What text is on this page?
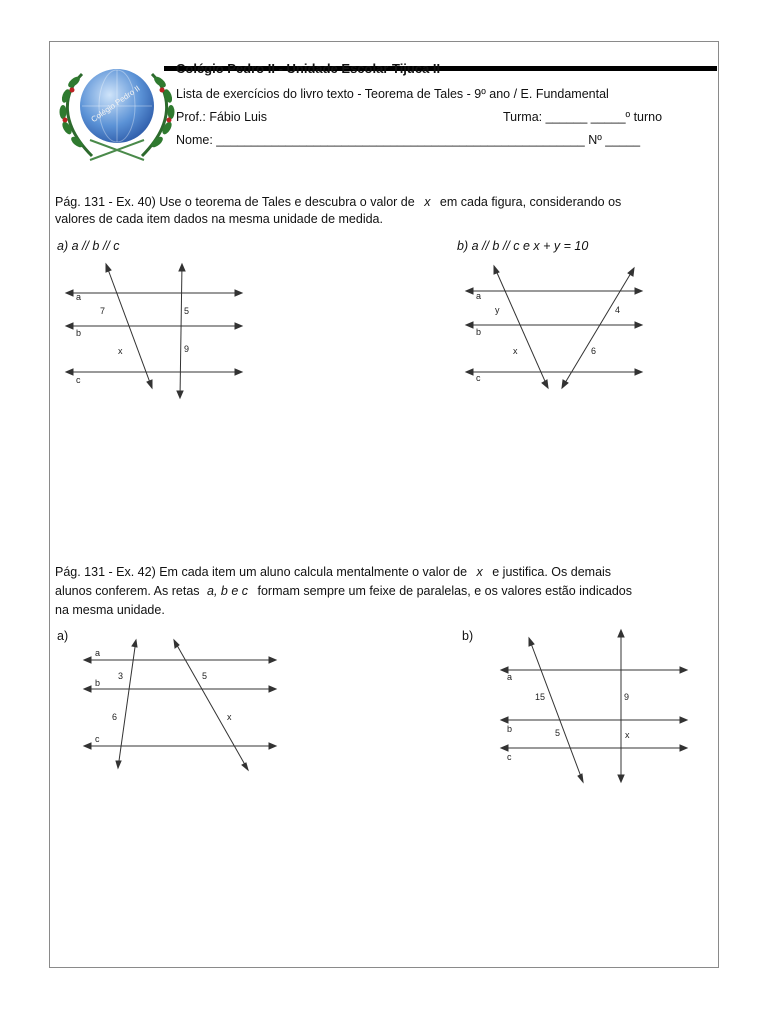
Colégio Pedro II
Colégio Pedro II - Unidade Escolar Tijuca II
Lista de exercícios do livro texto - Teorema de Tales - 9º ano / E. Fundamental
Prof.: Fábio Luis	Turma: ______ _____º turno
Nome: _____________________________________________________ Nº _____
Pág. 131 - Ex. 40) Use o teorema de Tales e descubra o valor de x em cada figura, considerando os
valores de cada item dados na mesma unidade de medida.
a) a // b // c	b) a // b // c e x + y = 10
a
b
c
7	5
x	9
a
b
c
y	4
x	6
Pág. 131 - Ex. 42) Em cada item um aluno calcula mentalmente o valor de x e justifica. Os demais
alunos conferem. As retas a, b e c formam sempre um feixe de paralelas, e os valores estão indicados
na mesma unidade.
a)	b)
a
b
c
3	5
6	x
a
b
c
15	9
5	x
